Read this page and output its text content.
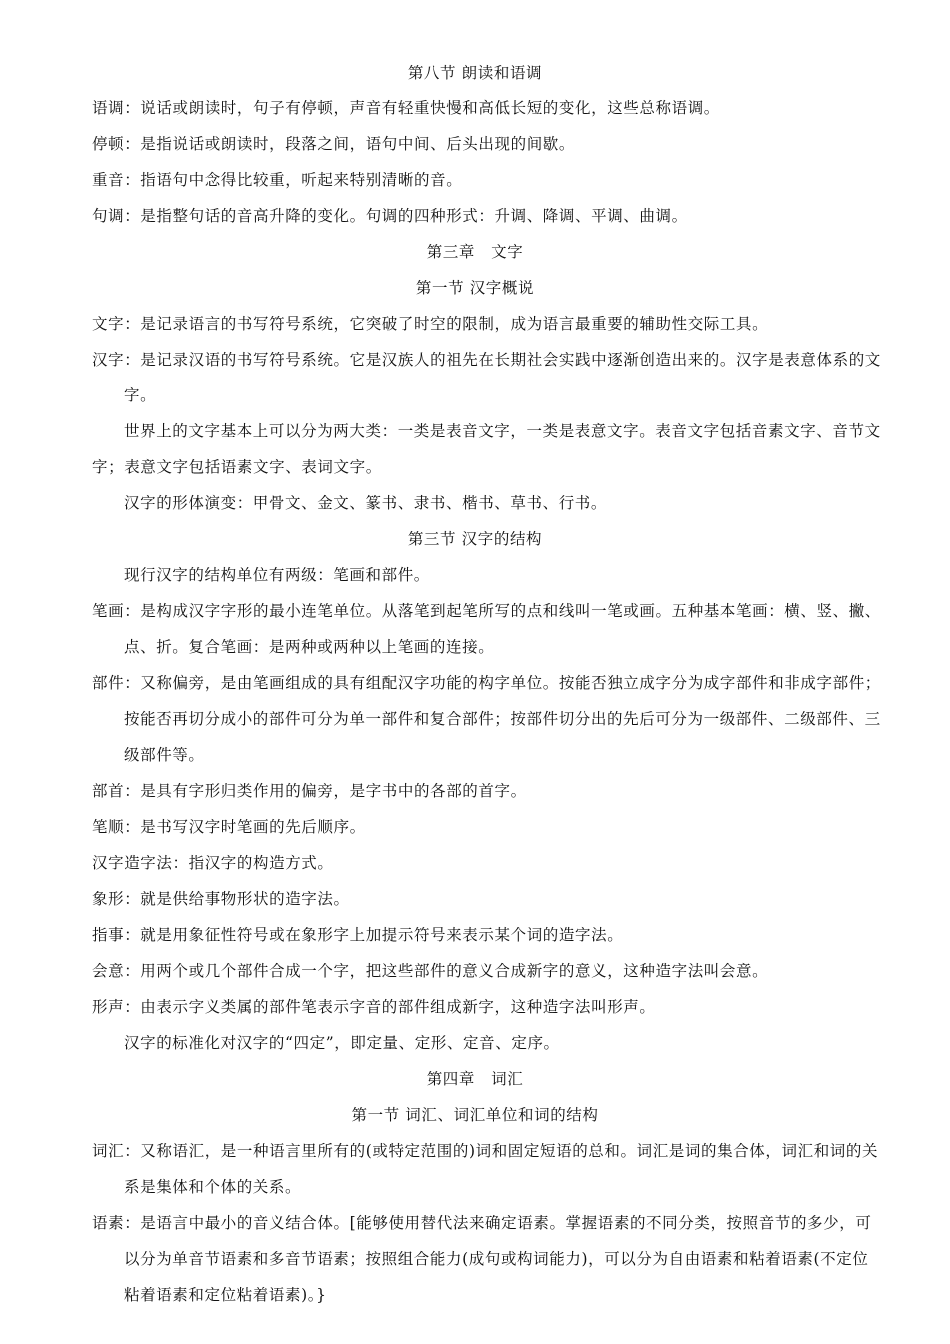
第八节 朗读和语调
语调：说话或朗读时，句子有停顿，声音有轻重快慢和高低长短的变化，这些总称语调。
停顿：是指说话或朗读时，段落之间，语句中间、后头出现的间歇。
重音：指语句中念得比较重，听起来特别清晰的音。
句调：是指整句话的音高升降的变化。句调的四种形式：升调、降调、平调、曲调。
第三章　文字
第一节 汉字概说
文字：是记录语言的书写符号系统，它突破了时空的限制，成为语言最重要的辅助性交际工具。
汉字：是记录汉语的书写符号系统。它是汉族人的祖先在长期社会实践中逐渐创造出来的。汉字是表意体系的文
字。
世界上的文字基本上可以分为两大类：一类是表音文字，一类是表意文字。表音文字包括音素文字、音节文
字；表意文字包括语素文字、表词文字。
汉字的形体演变：甲骨文、金文、篆书、隶书、楷书、草书、行书。
第三节 汉字的结构
现行汉字的结构单位有两级：笔画和部件。
笔画：是构成汉字字形的最小连笔单位。从落笔到起笔所写的点和线叫一笔或画。五种基本笔画：横、竖、撇、
点、折。复合笔画：是两种或两种以上笔画的连接。
部件：又称偏旁，是由笔画组成的具有组配汉字功能的构字单位。按能否独立成字分为成字部件和非成字部件；
按能否再切分成小的部件可分为单一部件和复合部件；按部件切分出的先后可分为一级部件、二级部件、三
级部件等。
部首：是具有字形归类作用的偏旁，是字书中的各部的首字。
笔顺：是书写汉字时笔画的先后顺序。
汉字造字法：指汉字的构造方式。
象形：就是供给事物形状的造字法。
指事：就是用象征性符号或在象形字上加提示符号来表示某个词的造字法。
会意：用两个或几个部件合成一个字，把这些部件的意义合成新字的意义，这种造字法叫会意。
形声：由表示字义类属的部件笔表示字音的部件组成新字，这种造字法叫形声。
汉字的标准化对汉字的“四定”，即定量、定形、定音、定序。
第四章　词汇
第一节 词汇、词汇单位和词的结构
词汇：又称语汇，是一种语言里所有的(或特定范围的)词和固定短语的总和。词汇是词的集合体，词汇和词的关
系是集体和个体的关系。
语素：是语言中最小的音义结合体。[能够使用替代法来确定语素。掌握语素的不同分类，按照音节的多少，可
以分为单音节语素和多音节语素；按照组合能力(成句或构词能力)，可以分为自由语素和粘着语素(不定位
粘着语素和定位粘着语素)。}
